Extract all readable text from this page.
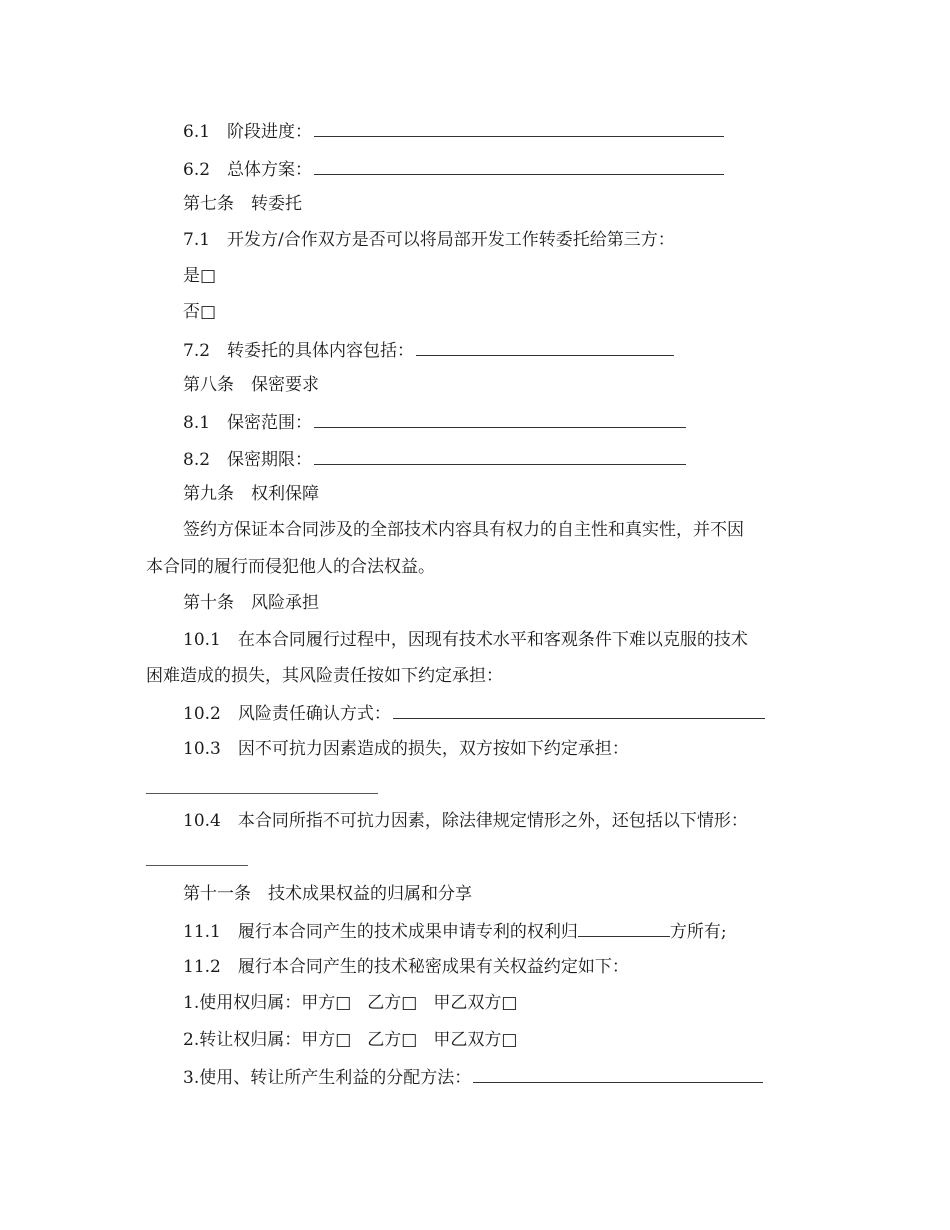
6.1　阶段进度：
6.2　总体方案：
第七条　转委托
7.1　开发方/合作双方是否可以将局部开发工作转委托给第三方：
是□
否□
7.2　转委托的具体内容包括：
第八条　保密要求
8.1　保密范围：
8.2　保密期限：
第九条　权利保障
签约方保证本合同涉及的全部技术内容具有权力的自主性和真实性，并不因
本合同的履行而侵犯他人的合法权益。
第十条　风险承担
10.1　在本合同履行过程中，因现有技术水平和客观条件下难以克服的技术
困难造成的损失，其风险责任按如下约定承担：
10.2　风险责任确认方式：
10.3　因不可抗力因素造成的损失，双方按如下约定承担：
10.4　本合同所指不可抗力因素，除法律规定情形之外，还包括以下情形：
第十一条　技术成果权益的归属和分享
11.1　履行本合同产生的技术成果申请专利的权利归	方所有;
11.2　履行本合同产生的技术秘密成果有关权益约定如下：
1.使用权归属：甲方□ 乙方□ 甲乙双方□
2.转让权归属：甲方□ 乙方□ 甲乙双方□
3.使用、转让所产生利益的分配方法：
